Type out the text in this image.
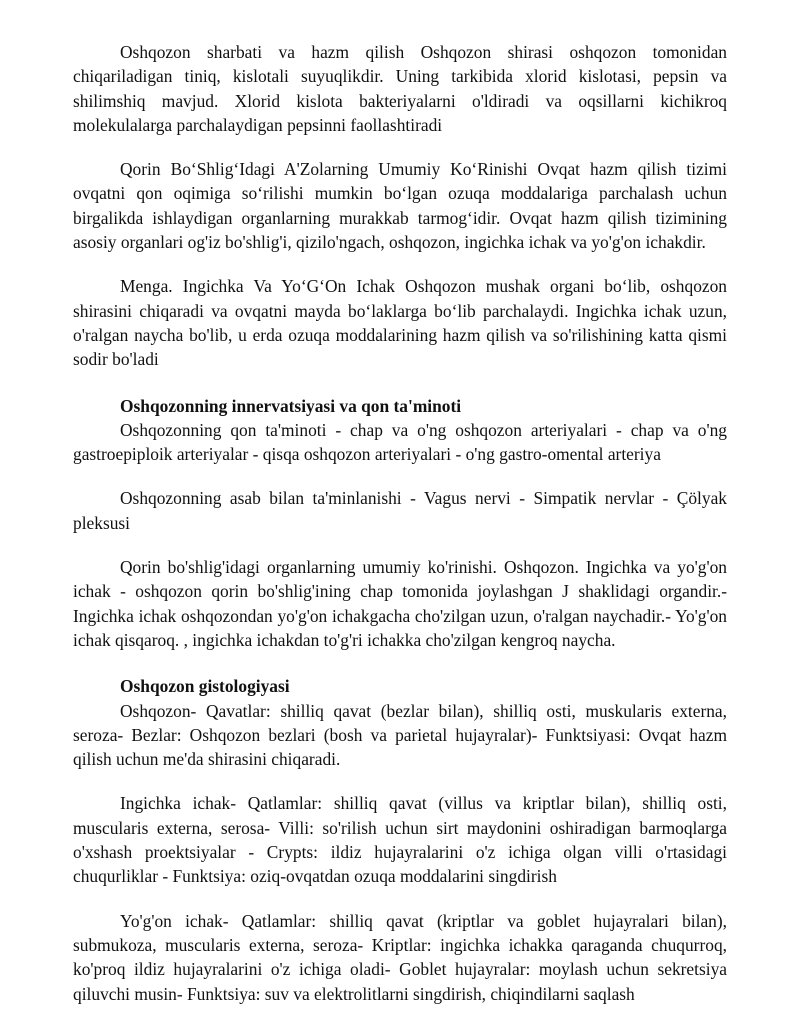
Oshqozon sharbati va hazm qilish Oshqozon shirasi oshqozon tomonidan chiqariladigan tiniq, kislotali suyuqlikdir. Uning tarkibida xlorid kislotasi, pepsin va shilimshiq mavjud. Xlorid kislota bakteriyalarni o'ldiradi va oqsillarni kichikroq molekulalarga parchalaydigan pepsinni faollashtiradi

Qorin Bo‘Shlig‘Idagi A'Zolarning Umumiy Ko‘Rinishi Ovqat hazm qilish tizimi ovqatni qon oqimiga so‘rilishi mumkin bo‘lgan ozuqa moddalariga parchalash uchun birgalikda ishlaydigan organlarning murakkab tarmog‘idir. Ovqat hazm qilish tizimining asosiy organlari og'iz bo'shlig'i, qizilo'ngach, oshqozon, ingichka ichak va yo'g'on ichakdir.

Menga. Ingichka Va Yo‘G‘On Ichak Oshqozon mushak organi bo‘lib, oshqozon shirasini chiqaradi va ovqatni mayda bo‘laklarga bo‘lib parchalaydi. Ingichka ichak uzun, o'ralgan naycha bo'lib, u erda ozuqa moddalarining hazm qilish va so'rilishining katta qismi sodir bo'ladi

Oshqozonning innervatsiyasi va qon ta'minoti

Oshqozonning qon ta'minoti - chap va o'ng oshqozon arteriyalari - chap va o'ng gastroepiploik arteriyalar - qisqa oshqozon arteriyalari - o'ng gastro-omental arteriya

Oshqozonning asab bilan ta'minlanishi - Vagus nervi - Simpatik nervlar - Çölyak pleksusi

Qorin bo'shlig'idagi organlarning umumiy ko'rinishi. Oshqozon. Ingichka va yo'g'on ichak - oshqozon qorin bo'shlig'ining chap tomonida joylashgan J shaklidagi organdir.- Ingichka ichak oshqozondan yo'g'on ichakgacha cho'zilgan uzun, o'ralgan naychadir.- Yo'g'on ichak qisqaroq. , ingichka ichakdan to'g'ri ichakka cho'zilgan kengroq naycha.

Oshqozon gistologiyasi

Oshqozon- Qavatlar: shilliq qavat (bezlar bilan), shilliq osti, muskularis externa, seroza- Bezlar: Oshqozon bezlari (bosh va parietal hujayralar)- Funktsiyasi: Ovqat hazm qilish uchun me'da shirasini chiqaradi.

Ingichka ichak- Qatlamlar: shilliq qavat (villus va kriptlar bilan), shilliq osti, muscularis externa, serosa- Villi: so'rilish uchun sirt maydonini oshiradigan barmoqlarga o'xshash proektsiyalar - Crypts: ildiz hujayralarini o'z ichiga olgan villi o'rtasidagi chuqurliklar - Funktsiya: oziq-ovqatdan ozuqa moddalarini singdirish

Yo'g'on ichak- Qatlamlar: shilliq qavat (kriptlar va goblet hujayralari bilan), submukoza, muscularis externa, seroza- Kriptlar: ingichka ichakka qaraganda chuqurroq, ko'proq ildiz hujayralarini o'z ichiga oladi- Goblet hujayralar: moylash uchun sekretsiya qiluvchi musin- Funktsiya: suv va elektrolitlarni singdirish, chiqindilarni saqlash
